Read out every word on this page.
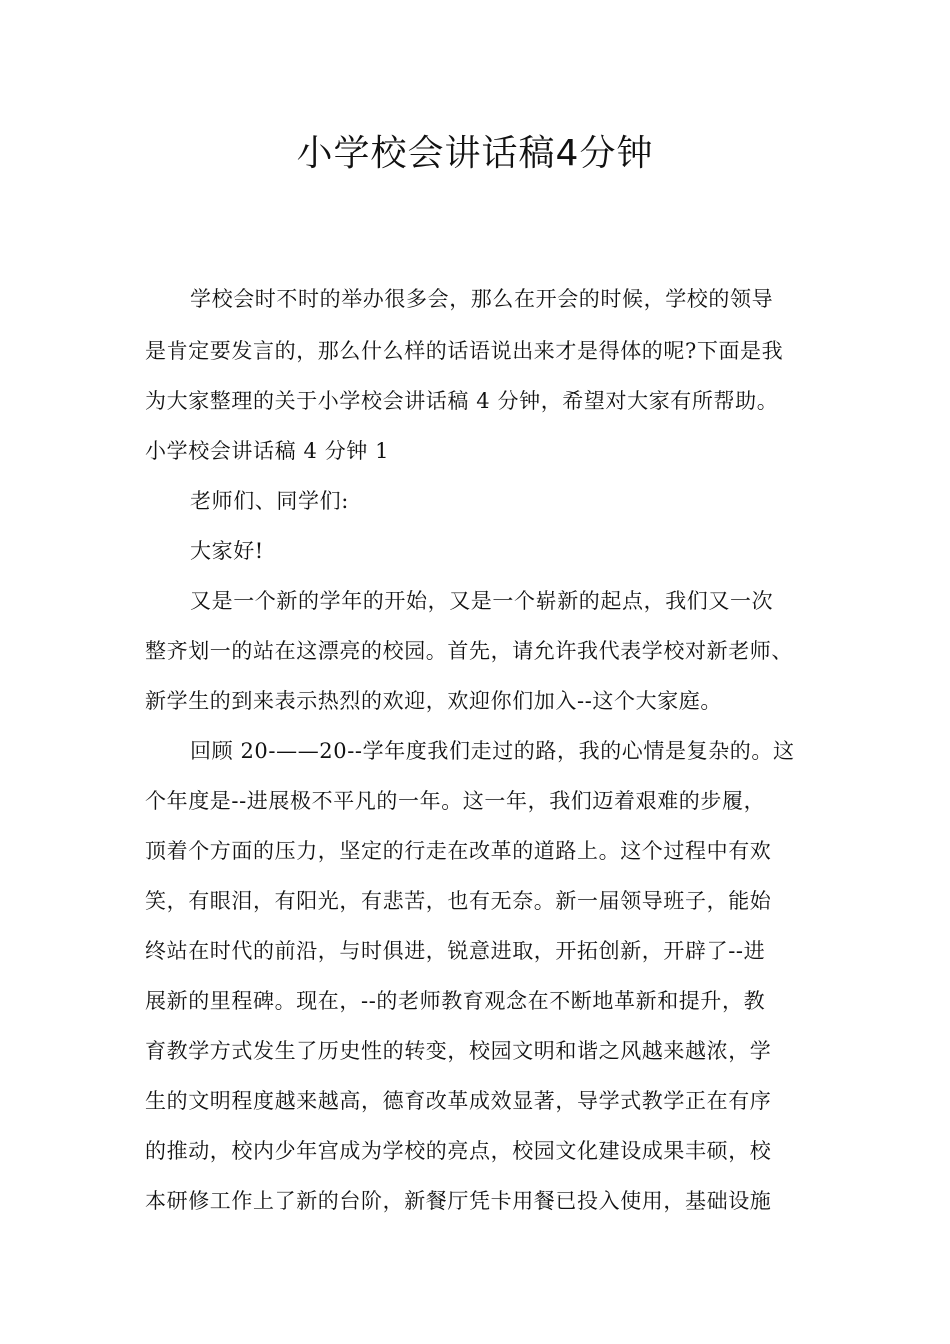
小学校会讲话稿4分钟
学校会时不时的举办很多会，那么在开会的时候，学校的领导
是肯定要发言的，那么什么样的话语说出来才是得体的呢?下面是我
为大家整理的关于小学校会讲话稿 4 分钟，希望对大家有所帮助。
小学校会讲话稿 4 分钟 1
老师们、同学们:
大家好!
又是一个新的学年的开始，又是一个崭新的起点，我们又一次
整齐划一的站在这漂亮的校园。首先，请允许我代表学校对新老师、
新学生的到来表示热烈的欢迎，欢迎你们加入--这个大家庭。
回顾 20-——20--学年度我们走过的路，我的心情是复杂的。这
个年度是--进展极不平凡的一年。这一年，我们迈着艰难的步履，
顶着个方面的压力，坚定的行走在改革的道路上。这个过程中有欢
笑，有眼泪，有阳光，有悲苦，也有无奈。新一届领导班子，能始
终站在时代的前沿，与时俱进，锐意进取，开拓创新，开辟了--进
展新的里程碑。现在，--的老师教育观念在不断地革新和提升，教
育教学方式发生了历史性的转变，校园文明和谐之风越来越浓，学
生的文明程度越来越高，德育改革成效显著，导学式教学正在有序
的推动，校内少年宫成为学校的亮点，校园文化建设成果丰硕，校
本研修工作上了新的台阶，新餐厅凭卡用餐已投入使用，基础设施
